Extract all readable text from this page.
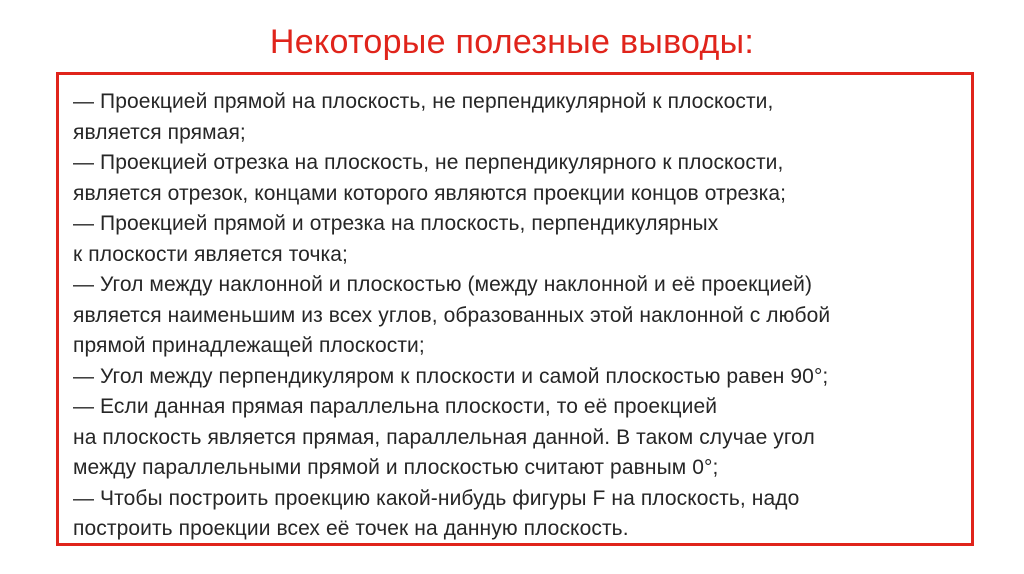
Некоторые полезные выводы:

— Проекцией прямой на плоскость, не перпендикулярной к плоскости,
является прямая;

— Проекцией отрезка на плоскость, не перпендикулярного к плоскости,
является отрезок, концами которого являются проекции концов отрезка;

— Проекцией прямой и отрезка на плоскость, перпендикулярных
к плоскости является точка;

— Угол между наклонной и плоскостью (между наклонной и её проекцией)
является наименьшим из всех углов, образованных этой наклонной с любой
прямой принадлежащей плоскости;

— Угол между перпендикуляром к плоскости и самой плоскостью равен 90°;

— Если данная прямая параллельна плоскости, то её проекцией
на плоскость является прямая, параллельная данной. В таком случае угол
между параллельными прямой и плоскостью считают равным 0°;

— Чтобы построить проекцию какой-нибудь фигуры F на плоскость, надо
построить проекции всех её точек на данную плоскость.
